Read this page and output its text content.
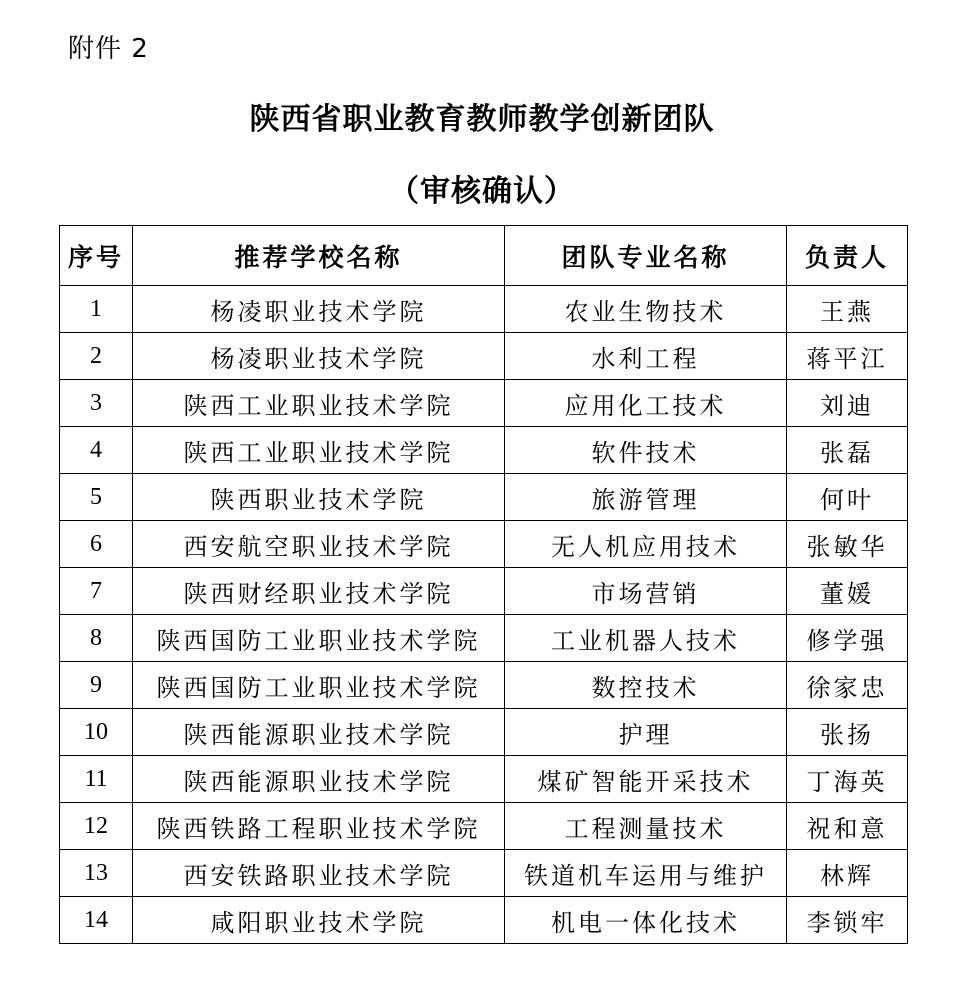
附件 2
陕西省职业教育教师教学创新团队
（审核确认）
序号	推荐学校名称	团队专业名称	负责人
1	杨凌职业技术学院	农业生物技术	王燕
2	杨凌职业技术学院	水利工程	蒋平江
3	陕西工业职业技术学院	应用化工技术	刘迪
4	陕西工业职业技术学院	软件技术	张磊
5	陕西职业技术学院	旅游管理	何叶
6	西安航空职业技术学院	无人机应用技术	张敏华
7	陕西财经职业技术学院	市场营销	董媛
8	陕西国防工业职业技术学院	工业机器人技术	修学强
9	陕西国防工业职业技术学院	数控技术	徐家忠
10	陕西能源职业技术学院	护理	张扬
11	陕西能源职业技术学院	煤矿智能开采技术	丁海英
12	陕西铁路工程职业技术学院	工程测量技术	祝和意
13	西安铁路职业技术学院	铁道机车运用与维护	林辉
14	咸阳职业技术学院	机电一体化技术	李锁牢
